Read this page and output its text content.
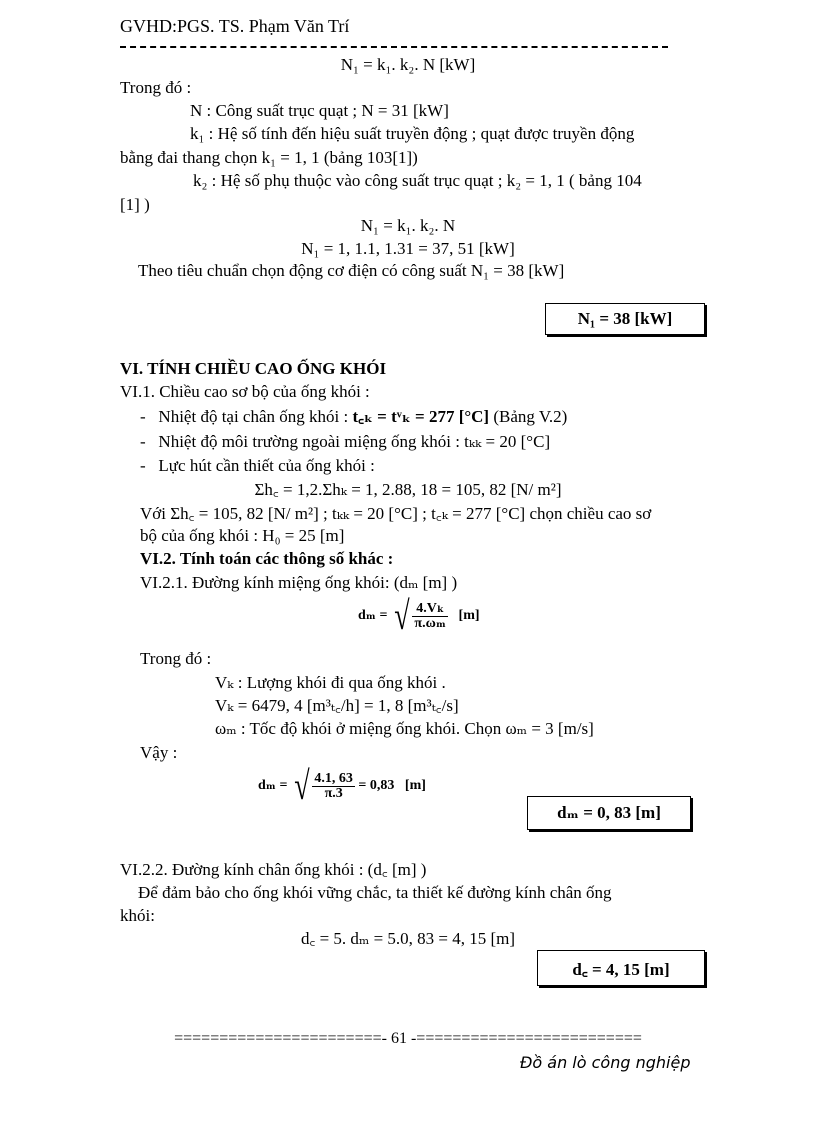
GVHD:PGS. TS. Phạm Văn Trí
N₁ = k₁. k₂. N [kW]
Trong đó :
N : Công suất trục quạt ; N = 31 [kW]
k₁ : Hệ số tính đến hiệu suất truyền động ; quạt được truyền động
bằng đai thang chọn k₁ = 1, 1 (bảng 103[1])
k₂ : Hệ số phụ thuộc vào công suất trục quạt ; k₂ = 1, 1 ( bảng 104
[1] )
N₁ = k₁. k₂. N
N₁ = 1, 1.1, 1.31 = 37, 51 [kW]
Theo tiêu chuẩn chọn động cơ điện có công suất N₁ = 38 [kW]
N₁ = 38 [kW]
VI. TÍNH CHIỀU CAO ỐNG KHÓI
VI.1. Chiều cao sơ bộ của ống khói :
-   Nhiệt độ tại chân ống khói : t꜀ₖ = tᵛₖ = 277 [°C] (Bảng V.2)
-   Nhiệt độ môi trường ngoài miệng ống khói : tₖₖ = 20 [°C]
-   Lực hút cần thiết của ống khói :
Σh꜀ = 1,2.Σhₖ = 1, 2.88, 18 = 105, 82 [N/ m²]
Với Σh꜀ = 105, 82 [N/ m²] ; tₖₖ = 20 [°C] ; t꜀ₖ = 277 [°C] chọn chiều cao sơ
bộ của ống khói : H₀ = 25 [m]
VI.2. Tính toán các thông số khác :
VI.2.1. Đường kính miệng ống khói: (dₘ [m] )
dₘ = √ $\frac{\text{4.Vₖ}}{\text{π.ωₘ}} [m]$
Trong đó :
Vₖ : Lượng khói đi qua ống khói .
Vₖ = 6479, 4 [m³ₜ꜀/h] = 1, 8 [m³ₜ꜀/s]
ωₘ : Tốc độ khói ở miệng ống khói. Chọn ωₘ = 3 [m/s]
Vậy :
dₘ = √ $\frac{4.1, 63}{\pi.3} = 0,83$ [m]
dₘ = 0, 83 [m]
VI.2.2. Đường kính chân ống khói : (d꜀ [m] )
Để đảm bảo cho ống khói vững chắc, ta thiết kế đường kính chân ống
khói:
d꜀ = 5. dₘ = 5.0, 83 = 4, 15 [m]
d꜀ = 4, 15 [m]
=======================- 61 -=========================
Đồ án lò công nghiệp
